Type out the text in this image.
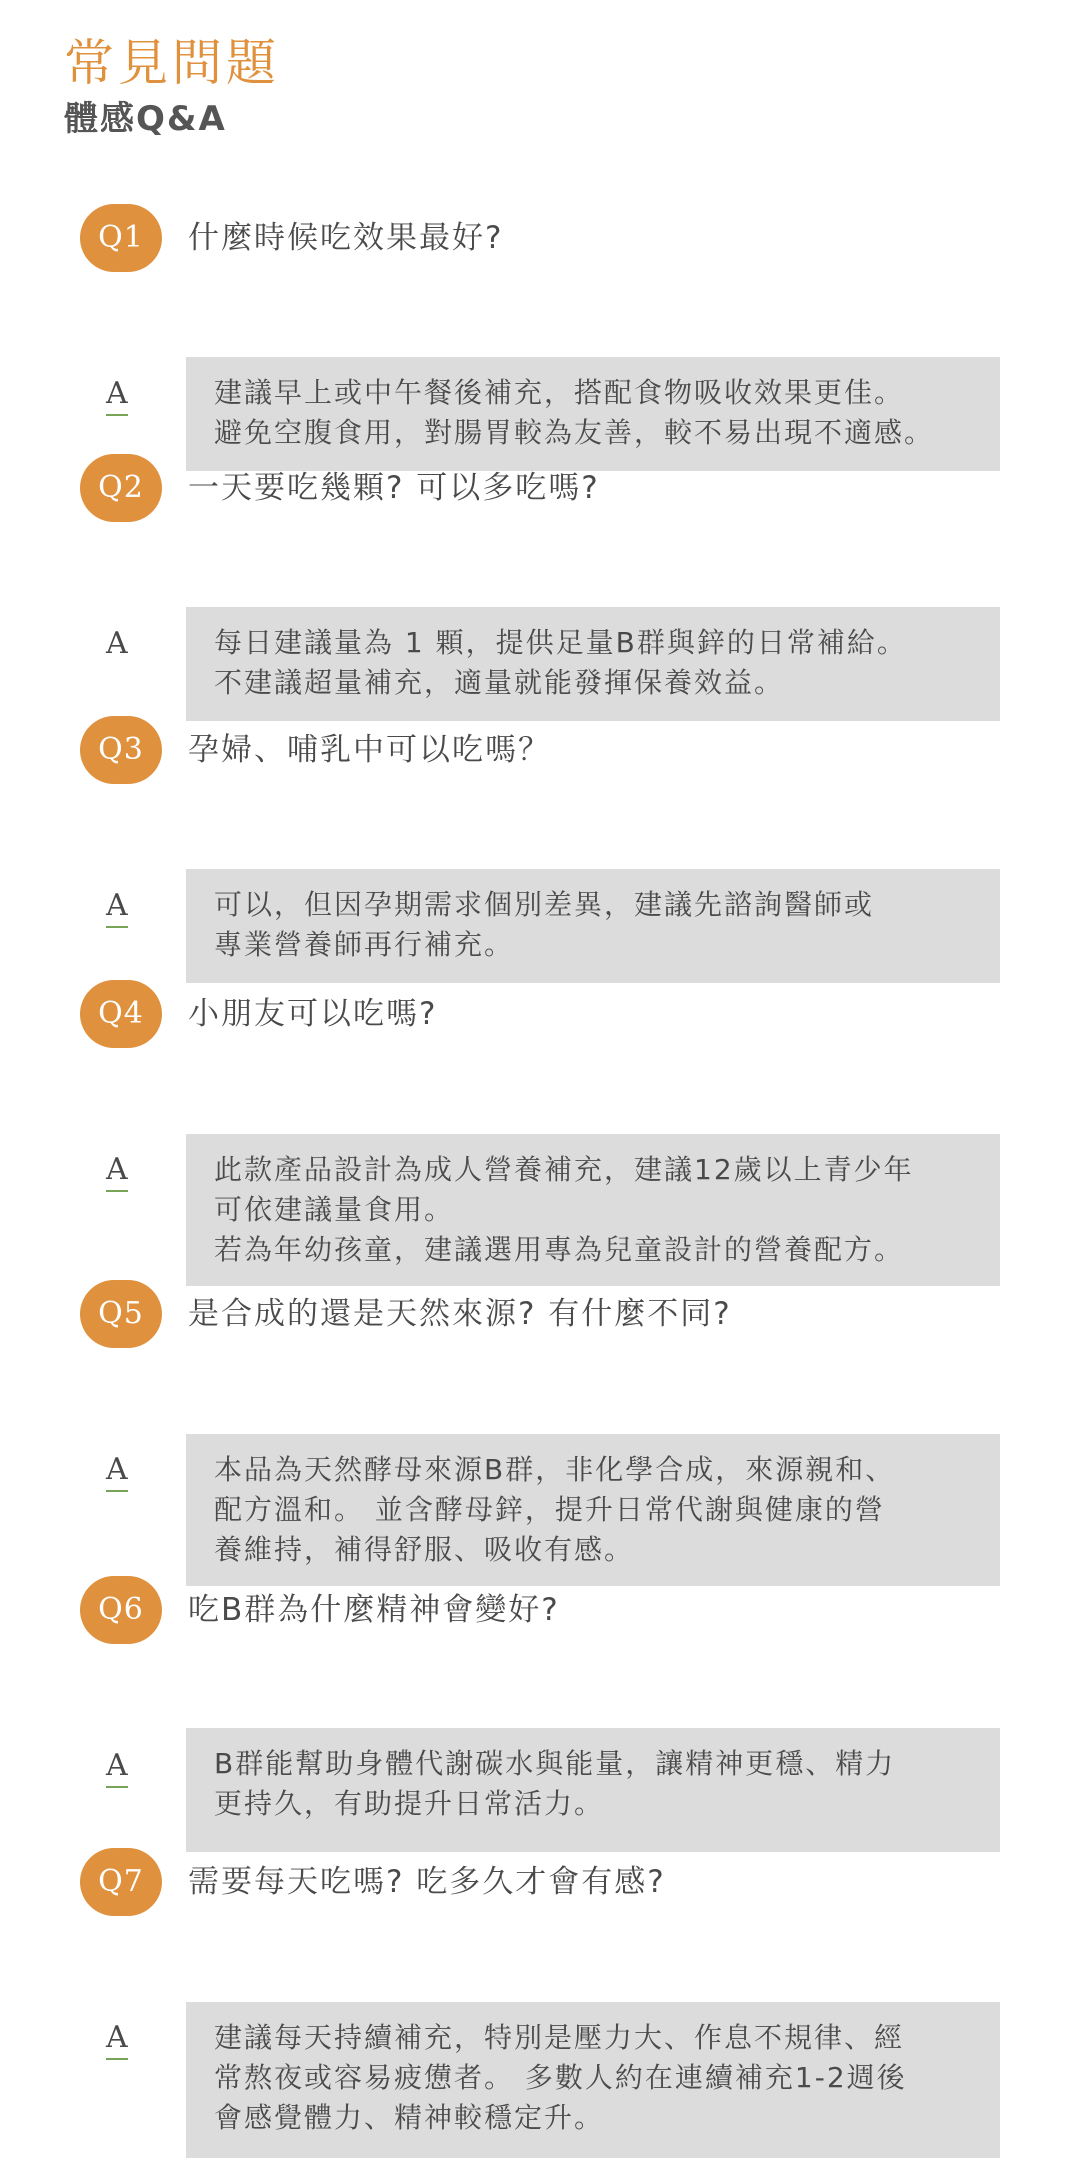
常見問題
體感Q&A
Q1	什麼時候吃效果最好?
A	建議早上或中午餐後補充，搭配食物吸收效果更佳。
避免空腹食用，對腸胃較為友善，較不易出現不適感。
Q2	一天要吃幾顆? 可以多吃嗎?
A	每日建議量為 1 顆，提供足量B群與鋅的日常補給。
不建議超量補充，適量就能發揮保養效益。
Q3	孕婦、哺乳中可以吃嗎？
A	可以，但因孕期需求個別差異，建議先諮詢醫師或
專業營養師再行補充。
Q4	小朋友可以吃嗎?
A	此款產品設計為成人營養補充，建議12歲以上青少年
可依建議量食用。
若為年幼孩童，建議選用專為兒童設計的營養配方。
Q5	是合成的還是天然來源? 有什麼不同?
A	本品為天然酵母來源B群，非化學合成，來源親和、
配方溫和。 並含酵母鋅，提升日常代謝與健康的營
養維持，補得舒服、吸收有感。
Q6	吃B群為什麼精神會變好?
A	B群能幫助身體代謝碳水與能量，讓精神更穩、精力
更持久，有助提升日常活力。
Q7	需要每天吃嗎? 吃多久才會有感?
A	建議每天持續補充，特別是壓力大、作息不規律、經
常熬夜或容易疲憊者。 多數人約在連續補充1-2週後
會感覺體力、精神較穩定升。
